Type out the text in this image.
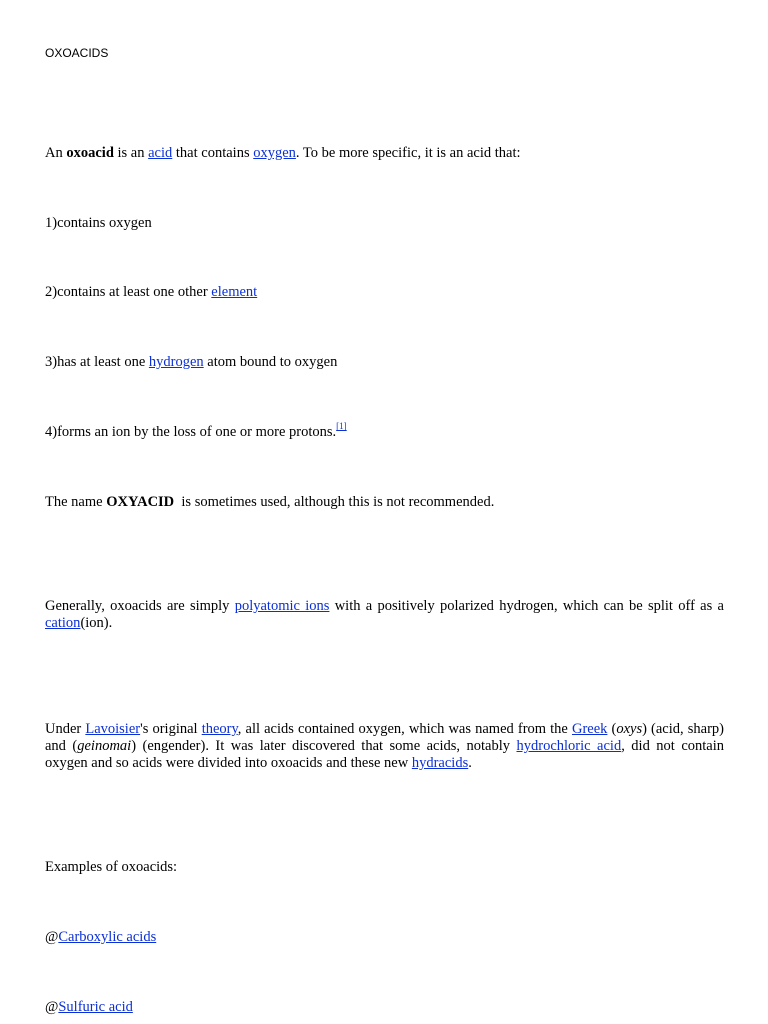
OXOACIDS

An oxoacid is an acid that contains oxygen. To be more specific, it is an acid that:

1)contains oxygen

2)contains at least one other element

3)has at least one hydrogen atom bound to oxygen

4)forms an ion by the loss of one or more protons.[1]

The name OXYACID  is sometimes used, although this is not recommended.

Generally, oxoacids are simply polyatomic ions with a positively polarized hydrogen, which can be split off as a cation(ion).

Under Lavoisier's original theory, all acids contained oxygen, which was named from the Greek (oxys) (acid, sharp) and (geinomai) (engender). It was later discovered that some acids, notably hydrochloric acid, did not contain oxygen and so acids were divided into oxoacids and these new hydracids.

Examples of oxoacids:

@Carboxylic acids

@Sulfuric acid
